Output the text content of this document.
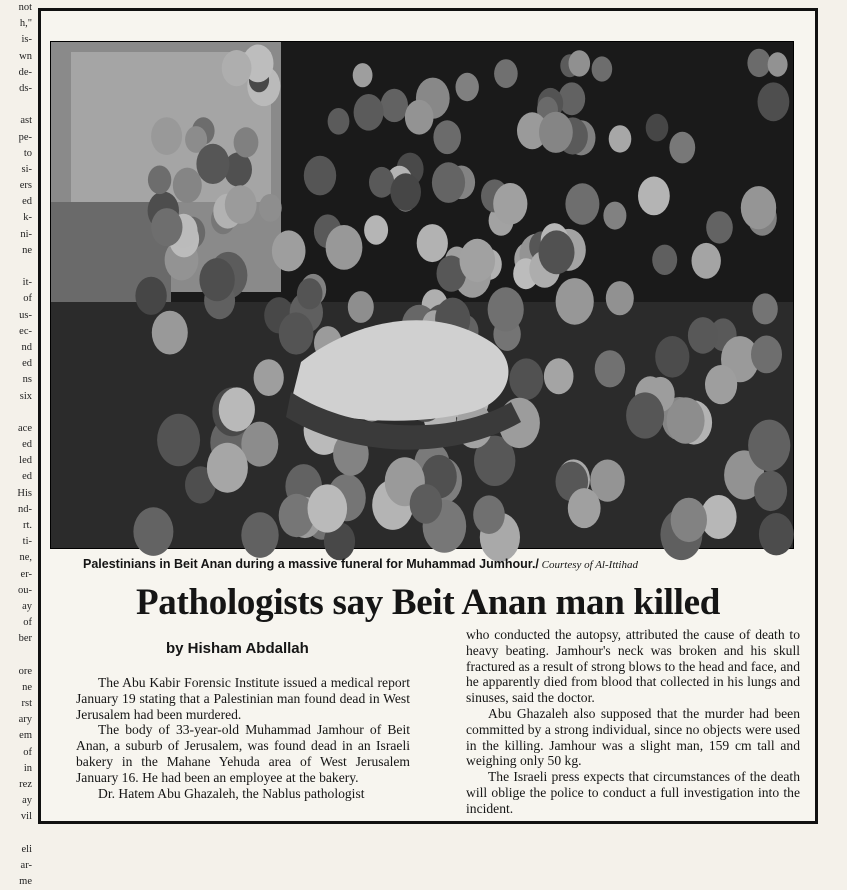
not
h,"
is-
wn
de-
ds-
ast
pe-
to
si-
ers
ed
k-
ni-
ne
it-
of
us-
ec-
nd
ed
ns
six
ace
ed
led
ed
His
nd-
rt.
ti-
ne,
er-
ou-
ay
of
ber
ore
ne
rst
ary
em
of
in
rez
ay
vil
eli
ar-
me
Palestinians in Beit Anan during a massive funeral for Muhammad Jumhour./ Courtesy of Al-Ittihad
Pathologists say Beit Anan man killed
by Hisham Abdallah

The Abu Kabir Forensic Institute issued a medical report January 19 stating that a Palestinian man found dead in West Jerusalem had been murdered.

The body of 33-year-old Muhammad Jamhour of Beit Anan, a suburb of Jerusalem, was found dead in an Israeli bakery in the Mahane Yehuda area of West Jerusalem January 16. He had been an employee at the bakery.

Dr. Hatem Abu Ghazaleh, the Nablus pathologist

who conducted the autopsy, attributed the cause of death to heavy beating. Jamhour's neck was broken and his skull fractured as a result of strong blows to the head and face, and he apparently died from blood that collected in his lungs and sinuses, said the doctor.

Abu Ghazaleh also supposed that the murder had been committed by a strong individual, since no objects were used in the killing. Jamhour was a slight man, 159 cm tall and weighing only 50 kg.

The Israeli press expects that circumstances of the death will oblige the police to conduct a full investigation into the incident.
